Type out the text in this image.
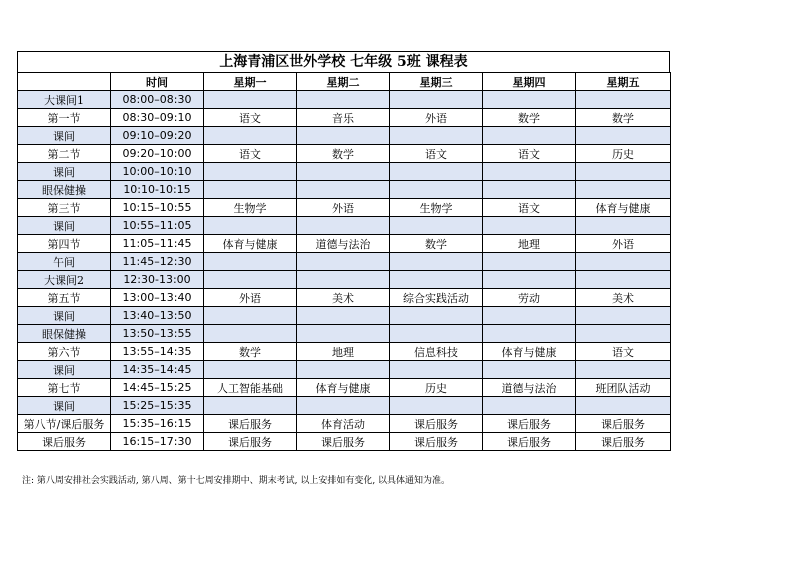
上海青浦区世外学校 七年级 5班 课程表
	时间	星期一	星期二	星期三	星期四	星期五
大课间1	08:00–08:30					
第一节	08:30–09:10	语文	音乐	外语	数学	数学
课间	09:10–09:20					
第二节	09:20–10:00	语文	数学	语文	语文	历史
课间	10:00–10:10					
眼保健操	10:10-10:15					
第三节	10:15–10:55	生物学	外语	生物学	语文	体育与健康
课间	10:55–11:05					
第四节	11:05–11:45	体育与健康	道德与法治	数学	地理	外语
午间	11:45–12:30					
大课间2	12:30-13:00					
第五节	13:00–13:40	外语	美术	综合实践活动	劳动	美术
课间	13:40–13:50					
眼保健操	13:50–13:55					
第六节	13:55–14:35	数学	地理	信息科技	体育与健康	语文
课间	14:35–14:45					
第七节	14:45–15:25	人工智能基础	体育与健康	历史	道德与法治	班团队活动
课间	15:25–15:35					
第八节/课后服务	15:35–16:15	课后服务	体育活动	课后服务	课后服务	课后服务
课后服务	16:15–17:30	课后服务	课后服务	课后服务	课后服务	课后服务
注: 第八周安排社会实践活动, 第八周、第十七周安排期中、期末考试, 以上安排如有变化, 以具体通知为准。
